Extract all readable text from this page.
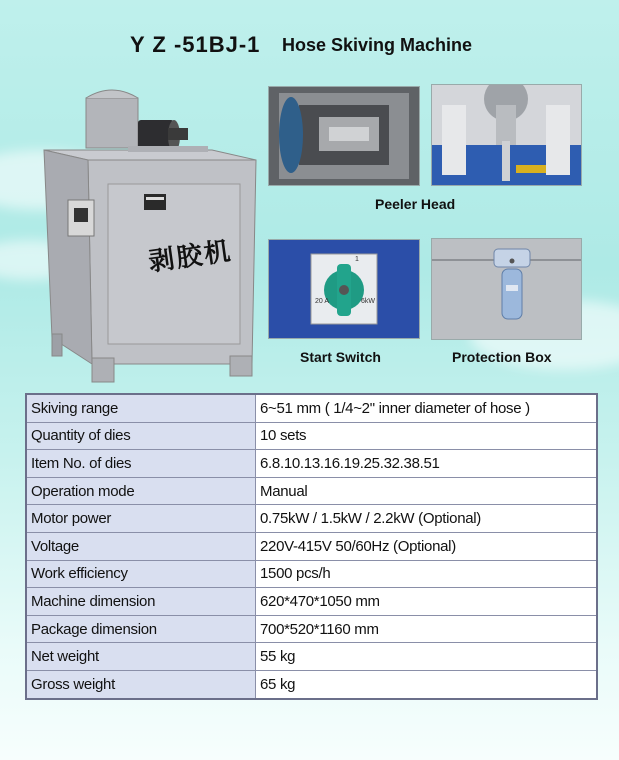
Y Z -51BJ-1 Hose Skiving Machine
剥胶机
Peeler Head
1
20 A	6kW
Start Switch	Protection Box
Skiving range	6~51 mm ( 1/4~2" inner diameter of hose )
Quantity of dies	10 sets
Item No. of dies	6.8.10.13.16.19.25.32.38.51
Operation mode	Manual
Motor power	0.75kW / 1.5kW / 2.2kW (Optional)
Voltage	220V-415V 50/60Hz (Optional)
Work efficiency	1500 pcs/h
Machine dimension	620*470*1050 mm
Package dimension	700*520*1160 mm
Net weight	55 kg
Gross weight	65 kg
